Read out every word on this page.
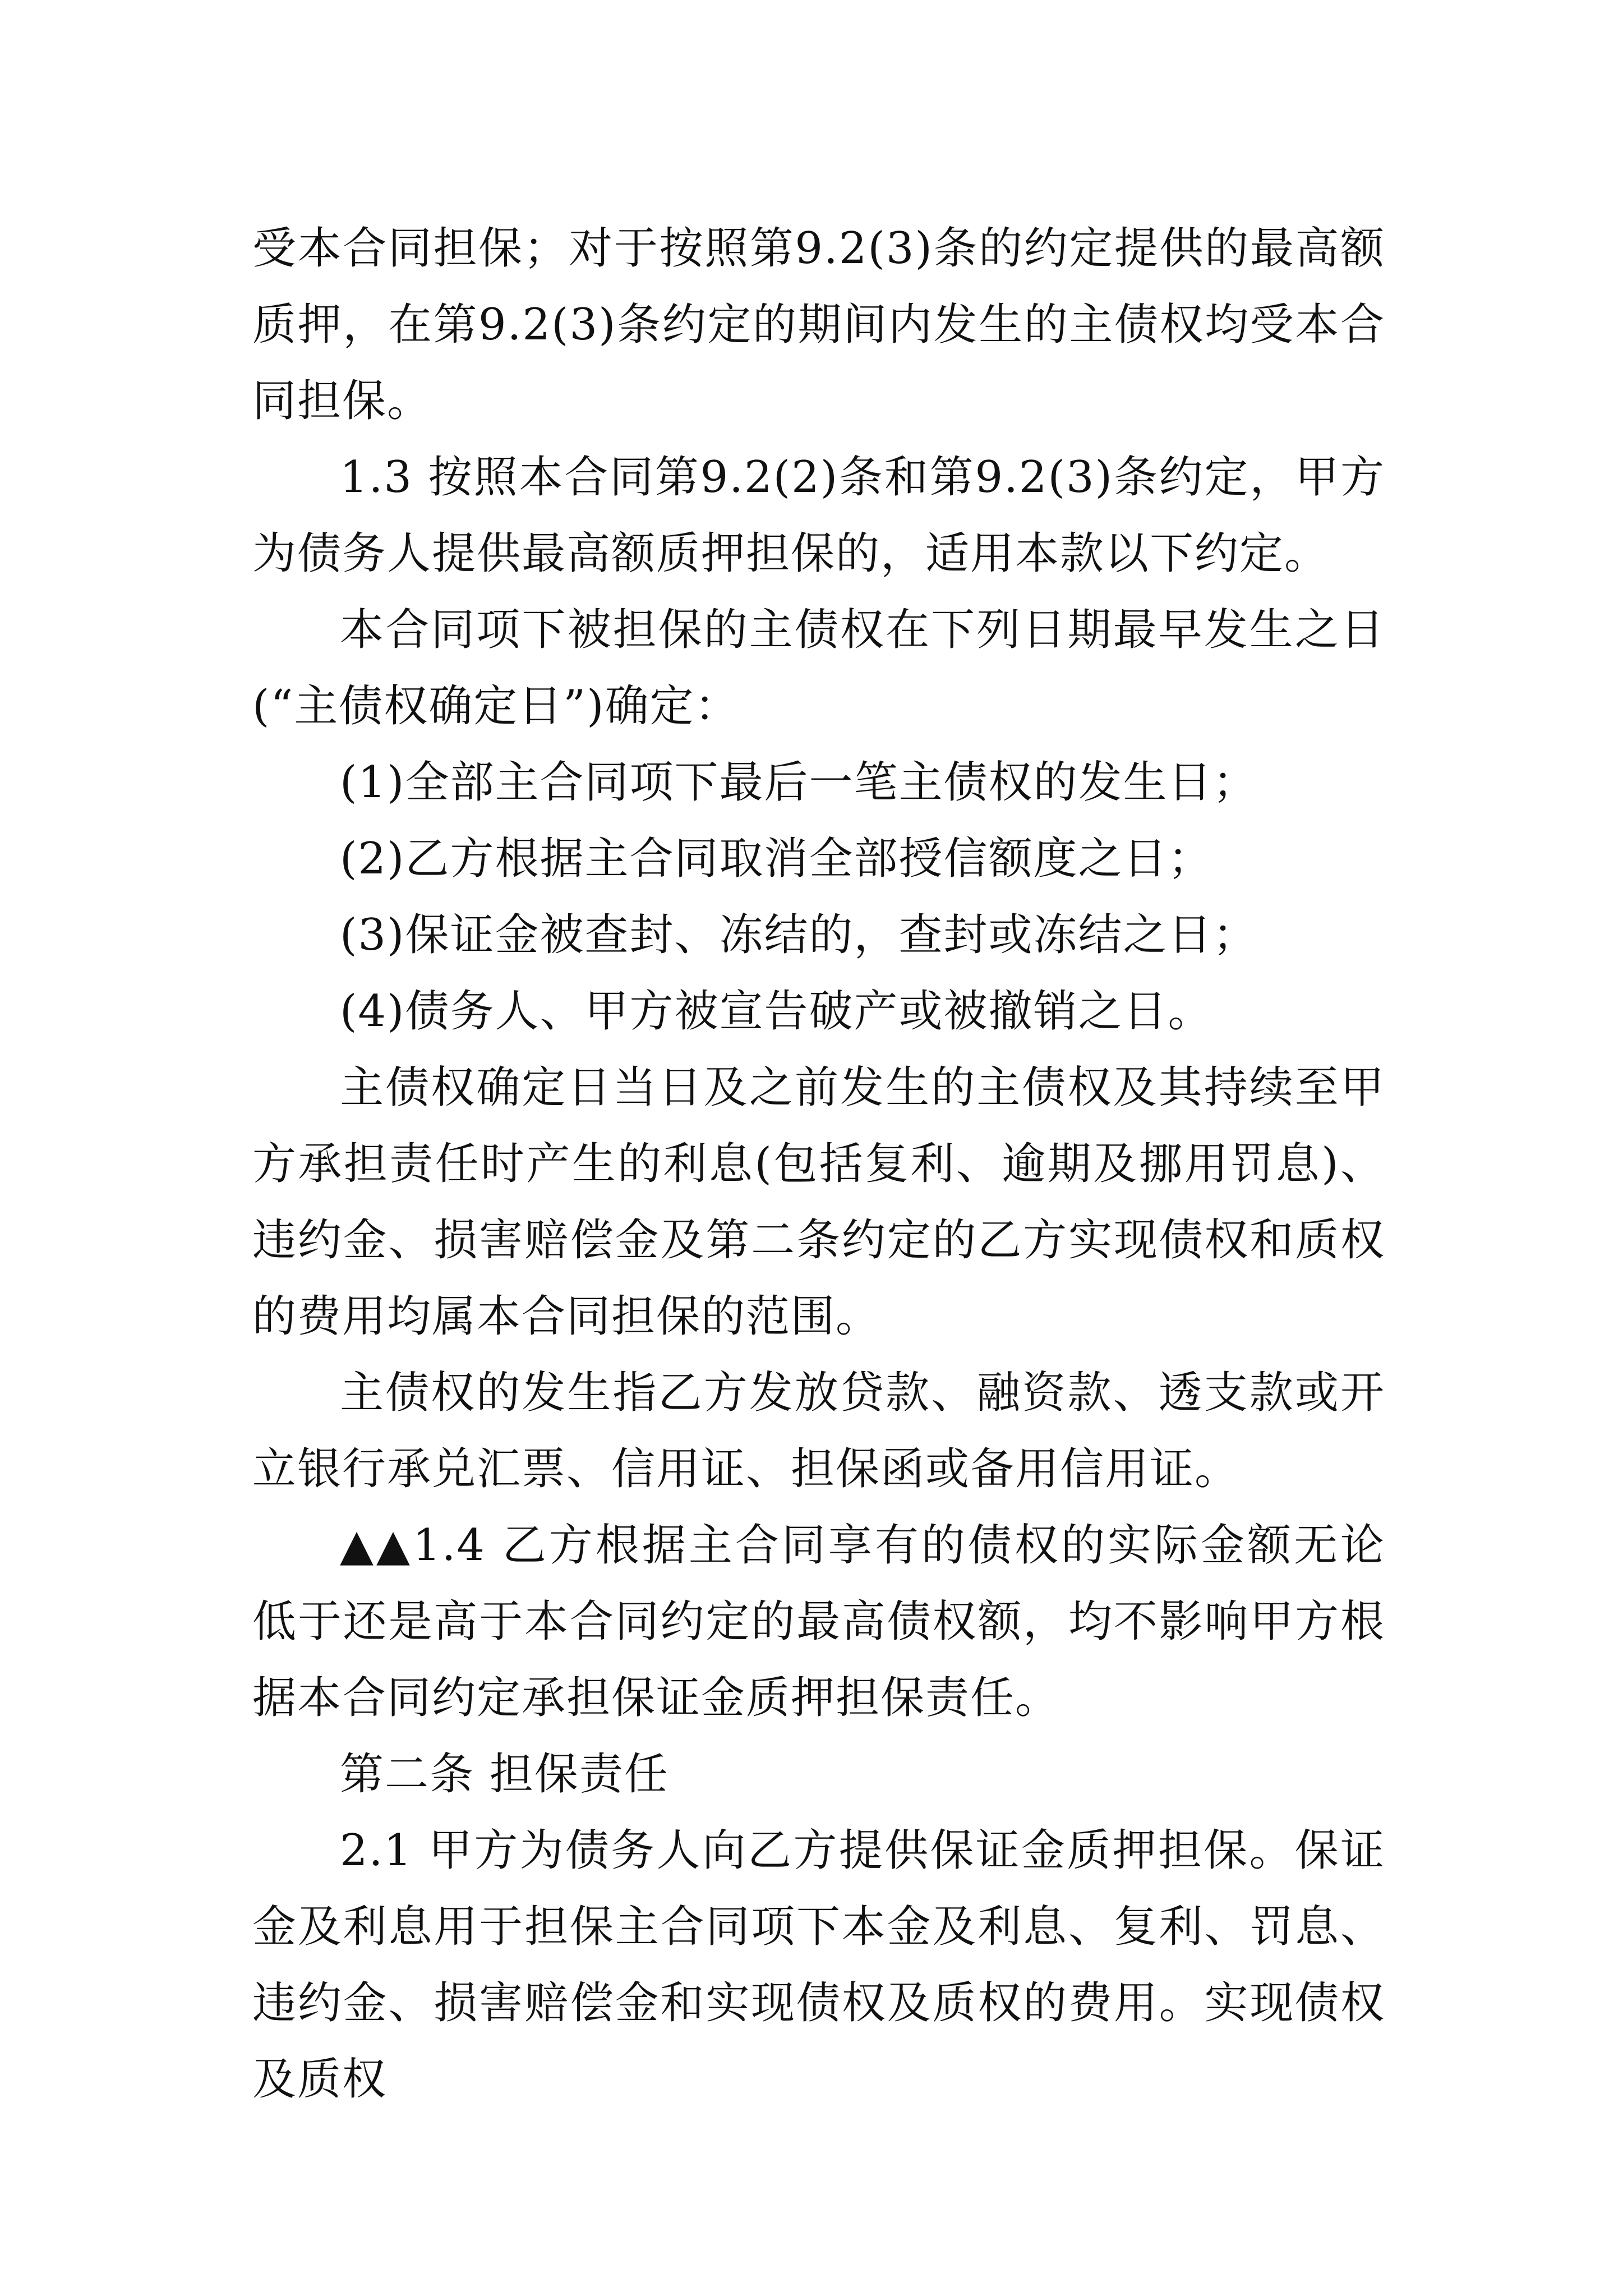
受本合同担保；对于按照第9.2(3)条的约定提供的最高额质押，在第9.2(3)条约定的期间内发生的主债权均受本合同担保。

1.3 按照本合同第9.2(2)条和第9.2(3)条约定，甲方为债务人提供最高额质押担保的，适用本款以下约定。

本合同项下被担保的主债权在下列日期最早发生之日(“主债权确定日”)确定：

(1)全部主合同项下最后一笔主债权的发生日；

(2)乙方根据主合同取消全部授信额度之日；

(3)保证金被查封、冻结的，查封或冻结之日；

(4)债务人、甲方被宣告破产或被撤销之日。

主债权确定日当日及之前发生的主债权及其持续至甲方承担责任时产生的利息(包括复利、逾期及挪用罚息)、违约金、损害赔偿金及第二条约定的乙方实现债权和质权的费用均属本合同担保的范围。

主债权的发生指乙方发放贷款、融资款、透支款或开立银行承兑汇票、信用证、担保函或备用信用证。

▲▲1.4 乙方根据主合同享有的债权的实际金额无论低于还是高于本合同约定的最高债权额，均不影响甲方根据本合同约定承担保证金质押担保责任。

第二条 担保责任

2.1 甲方为债务人向乙方提供保证金质押担保。保证金及利息用于担保主合同项下本金及利息、复利、罚息、违约金、损害赔偿金和实现债权及质权的费用。实现债权及质权
